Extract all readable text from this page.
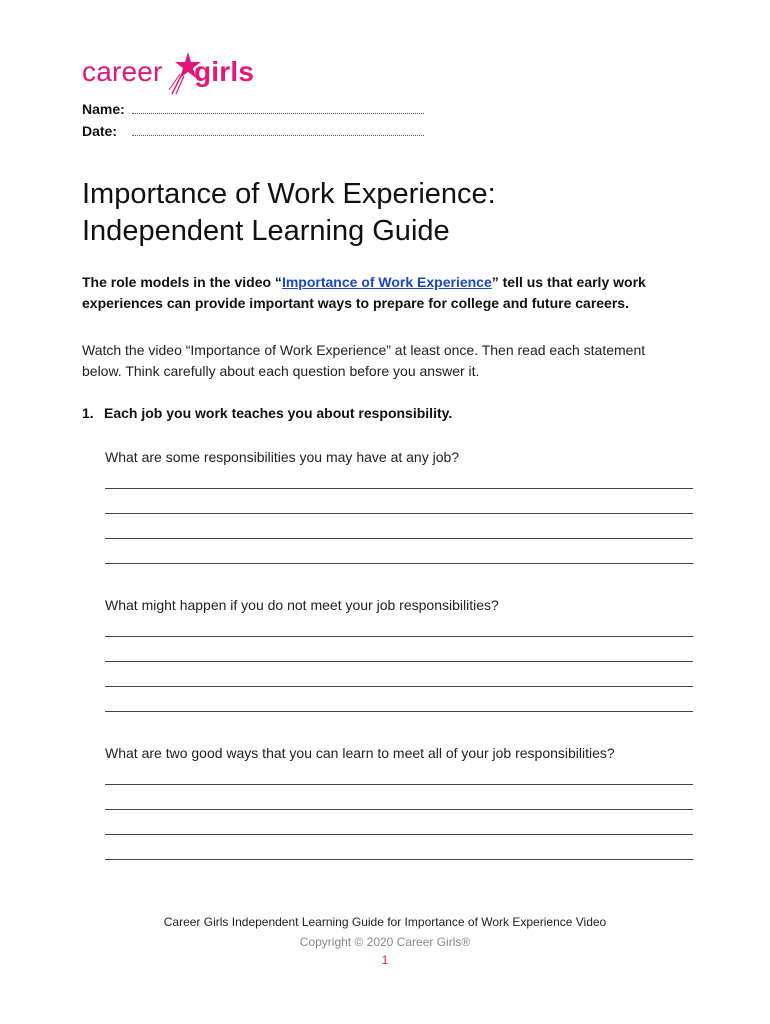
career girls
Name:
Date:
Importance of Work Experience:
Independent Learning Guide
The role models in the video “Importance of Work Experience” tell us that early work experiences can provide important ways to prepare for college and future careers.
Watch the video “Importance of Work Experience” at least once. Then read each statement below. Think carefully about each question before you answer it.
1. Each job you work teaches you about responsibility.
What are some responsibilities you may have at any job?
What might happen if you do not meet your job responsibilities?
What are two good ways that you can learn to meet all of your job responsibilities?
Career Girls Independent Learning Guide for Importance of Work Experience Video
Copyright © 2020 Career Girls®
1
